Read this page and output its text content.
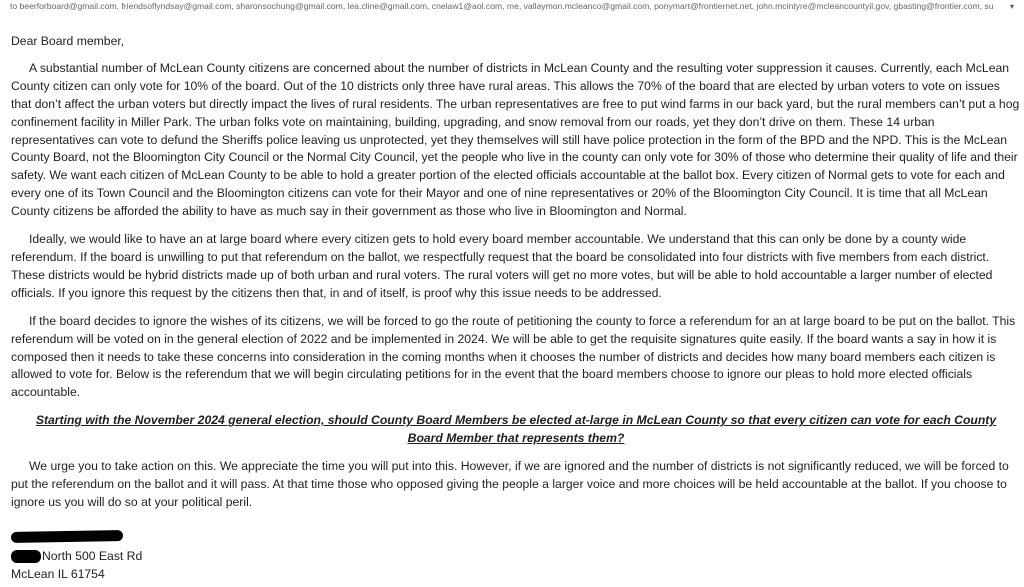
to beerforboard@gmail.com, friendsoflyndsay@gmail.com, sharonsochung@gmail.com, lea.cline@gmail.com, cnelaw1@aol.com, me, vallaymon.mcleanco@gmail.com, ponymart@frontiernet.net, john.mcintyre@mcleancountyil.gov, gbasting@frontier.com, su	▾

Dear Board member,

A substantial number of McLean County citizens are concerned about the number of districts in McLean County and the resulting voter suppression it causes. Currently, each McLean County citizen can only vote for 10% of the board. Out of the 10 districts only three have rural areas. This allows the 70% of the board that are elected by urban voters to vote on issues that don’t affect the urban voters but directly impact the lives of rural residents. The urban representatives are free to put wind farms in our back yard, but the rural members can’t put a hog confinement facility in Miller Park. The urban folks vote on maintaining, building, upgrading, and snow removal from our roads, yet they don’t drive on them. These 14 urban representatives can vote to defund the Sheriffs police leaving us unprotected, yet they themselves will still have police protection in the form of the BPD and the NPD. This is the McLean County Board, not the Bloomington City Council or the Normal City Council, yet the people who live in the county can only vote for 30% of those who determine their quality of life and their safety. We want each citizen of McLean County to be able to hold a greater portion of the elected officials accountable at the ballot box. Every citizen of Normal gets to vote for each and every one of its Town Council and the Bloomington citizens can vote for their Mayor and one of nine representatives or 20% of the Bloomington City Council. It is time that all McLean County citizens be afforded the ability to have as much say in their government as those who live in Bloomington and Normal.

Ideally, we would like to have an at large board where every citizen gets to hold every board member accountable. We understand that this can only be done by a county wide referendum. If the board is unwilling to put that referendum on the ballot, we respectfully request that the board be consolidated into four districts with five members from each district. These districts would be hybrid districts made up of both urban and rural voters. The rural voters will get no more votes, but will be able to hold accountable a larger number of elected officials. If you ignore this request by the citizens then that, in and of itself, is proof why this issue needs to be addressed.

If the board decides to ignore the wishes of its citizens, we will be forced to go the route of petitioning the county to force a referendum for an at large board to be put on the ballot. This referendum will be voted on in the general election of 2022 and be implemented in 2024. We will be able to get the requisite signatures quite easily. If the board wants a say in how it is composed then it needs to take these concerns into consideration in the coming months when it chooses the number of districts and decides how many board members each citizen is allowed to vote for. Below is the referendum that we will begin circulating petitions for in the event that the board members choose to ignore our pleas to hold more elected officials accountable.

Starting with the November 2024 general election, should County Board Members be elected at-large in McLean County so that every citizen can vote for each County Board Member that represents them?

We urge you to take action on this. We appreciate the time you will put into this. However, if we are ignored and the number of districts is not significantly reduced, we will be forced to put the referendum on the ballot and it will pass. At that time those who opposed giving the people a larger voice and more choices will be held accountable at the ballot. If you choose to ignore us you will do so at your political peril.

North 500 East Rd
McLean IL 61754
